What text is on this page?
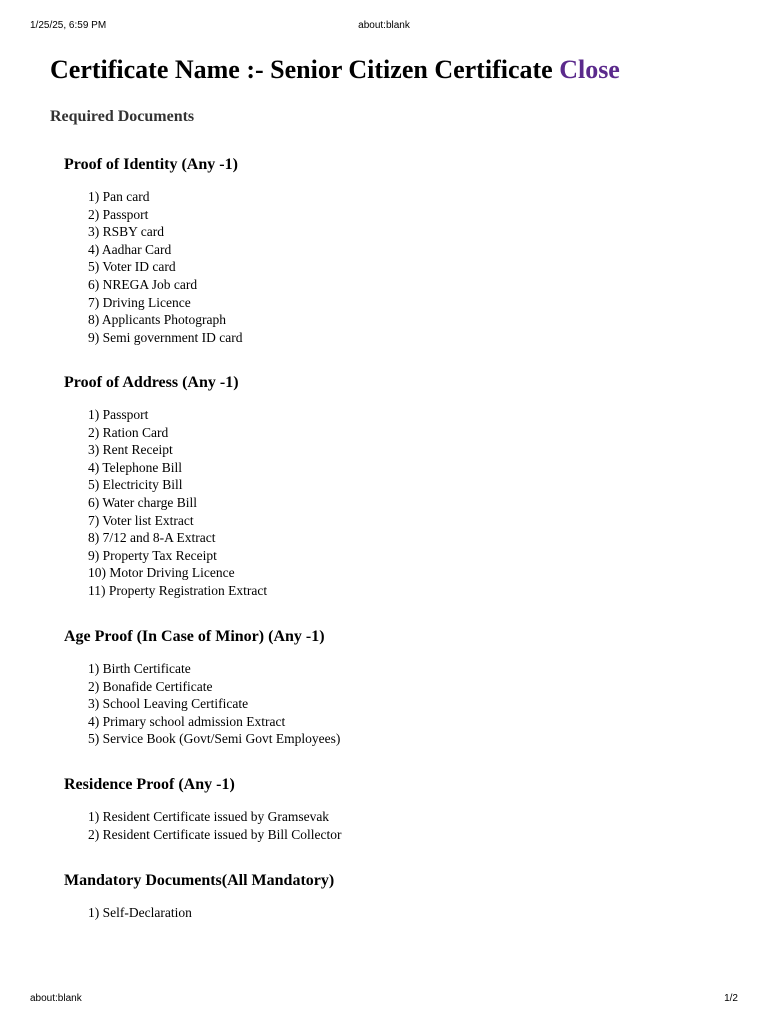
1/25/25, 6:59 PM	about:blank
Certificate Name :- Senior Citizen Certificate Close
Required Documents
Proof of Identity (Any -1)
1) Pan card
2) Passport
3) RSBY card
4) Aadhar Card
5) Voter ID card
6) NREGA Job card
7) Driving Licence
8) Applicants Photograph
9) Semi government ID card
Proof of Address (Any -1)
1) Passport
2) Ration Card
3) Rent Receipt
4) Telephone Bill
5) Electricity Bill
6) Water charge Bill
7) Voter list Extract
8) 7/12 and 8-A Extract
9) Property Tax Receipt
10) Motor Driving Licence
11) Property Registration Extract
Age Proof (In Case of Minor) (Any -1)
1) Birth Certificate
2) Bonafide Certificate
3) School Leaving Certificate
4) Primary school admission Extract
5) Service Book (Govt/Semi Govt Employees)
Residence Proof (Any -1)
1) Resident Certificate issued by Gramsevak
2) Resident Certificate issued by Bill Collector
Mandatory Documents(All Mandatory)
1) Self-Declaration
about:blank	1/2
